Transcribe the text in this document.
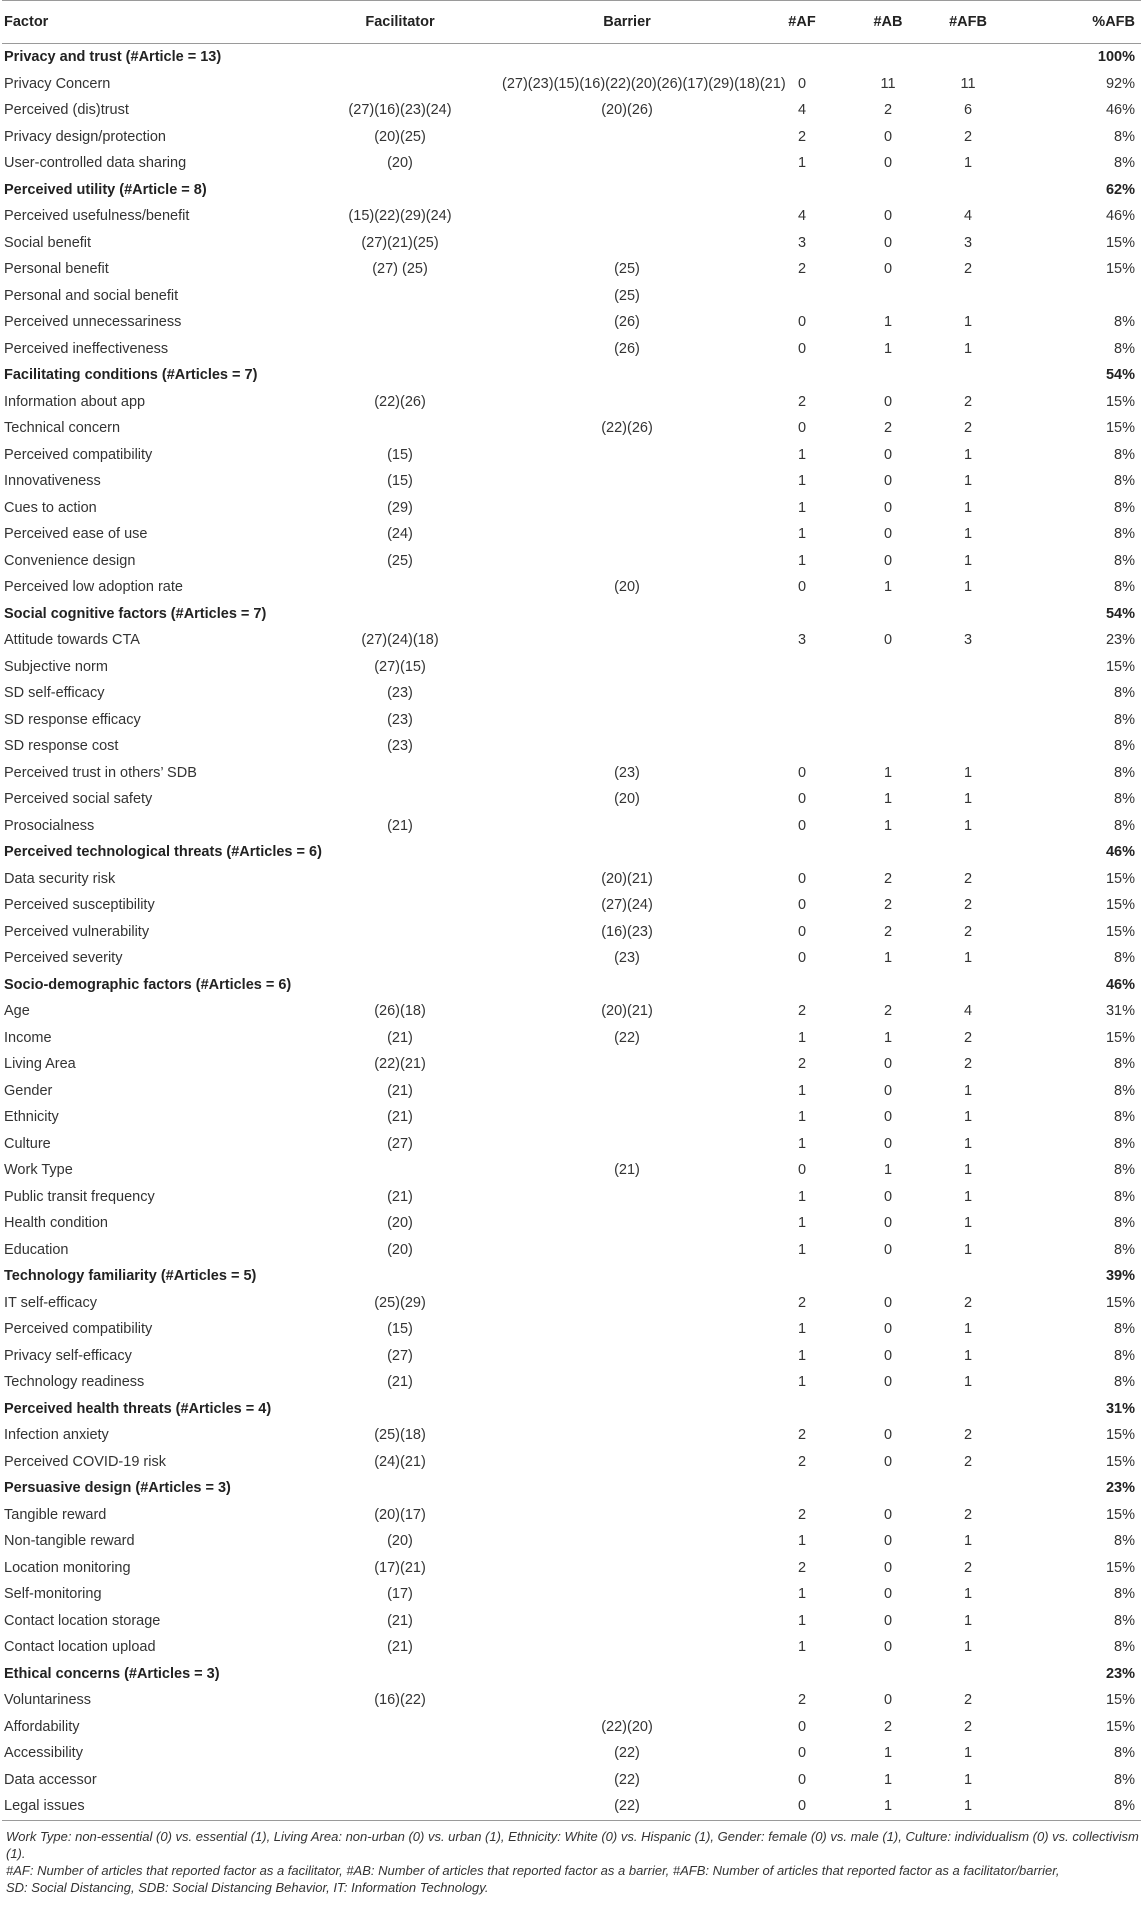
Factor	Facilitator	Barrier	#AF	#AB	#AFB	%AFB
Privacy and trust (#Article = 13)						100%
Privacy Concern		(27)(23)(15)(16)(22)(20)(26)(17)(29)(18)(21)	0	11	11	92%
Perceived (dis)trust	(27)(16)(23)(24)	(20)(26)	4	2	6	46%
Privacy design/protection	(20)(25)		2	0	2	8%
User-controlled data sharing	(20)		1	0	1	8%
Perceived utility (#Article = 8)						62%
Perceived usefulness/benefit	(15)(22)(29)(24)		4	0	4	46%
Social benefit	(27)(21)(25)		3	0	3	15%
Personal benefit	(27) (25)	(25)	2	0	2	15%
Personal and social benefit		(25)				
Perceived unnecessariness		(26)	0	1	1	8%
Perceived ineffectiveness		(26)	0	1	1	8%
Facilitating conditions (#Articles = 7)						54%
Information about app	(22)(26)		2	0	2	15%
Technical concern		(22)(26)	0	2	2	15%
Perceived compatibility	(15)		1	0	1	8%
Innovativeness	(15)		1	0	1	8%
Cues to action	(29)		1	0	1	8%
Perceived ease of use	(24)		1	0	1	8%
Convenience design	(25)		1	0	1	8%
Perceived low adoption rate		(20)	0	1	1	8%
Social cognitive factors (#Articles = 7)						54%
Attitude towards CTA	(27)(24)(18)		3	0	3	23%
Subjective norm	(27)(15)					15%
SD self-efficacy	(23)					8%
SD response efficacy	(23)					8%
SD response cost	(23)					8%
Perceived trust in others’ SDB		(23)	0	1	1	8%
Perceived social safety		(20)	0	1	1	8%
Prosocialness	(21)		0	1	1	8%
Perceived technological threats (#Articles = 6)						46%
Data security risk		(20)(21)	0	2	2	15%
Perceived susceptibility		(27)(24)	0	2	2	15%
Perceived vulnerability		(16)(23)	0	2	2	15%
Perceived severity		(23)	0	1	1	8%
Socio-demographic factors (#Articles = 6)						46%
Age	(26)(18)	(20)(21)	2	2	4	31%
Income	(21)	(22)	1	1	2	15%
Living Area	(22)(21)		2	0	2	8%
Gender	(21)		1	0	1	8%
Ethnicity	(21)		1	0	1	8%
Culture	(27)		1	0	1	8%
Work Type		(21)	0	1	1	8%
Public transit frequency	(21)		1	0	1	8%
Health condition	(20)		1	0	1	8%
Education	(20)		1	0	1	8%
Technology familiarity (#Articles = 5)						39%
IT self-efficacy	(25)(29)		2	0	2	15%
Perceived compatibility	(15)		1	0	1	8%
Privacy self-efficacy	(27)		1	0	1	8%
Technology readiness	(21)		1	0	1	8%
Perceived health threats (#Articles = 4)						31%
Infection anxiety	(25)(18)		2	0	2	15%
Perceived COVID-19 risk	(24)(21)		2	0	2	15%
Persuasive design (#Articles = 3)						23%
Tangible reward	(20)(17)		2	0	2	15%
Non-tangible reward	(20)		1	0	1	8%
Location monitoring	(17)(21)		2	0	2	15%
Self-monitoring	(17)		1	0	1	8%
Contact location storage	(21)		1	0	1	8%
Contact location upload	(21)		1	0	1	8%
Ethical concerns (#Articles = 3)						23%
Voluntariness	(16)(22)		2	0	2	15%
Affordability		(22)(20)	0	2	2	15%
Accessibility		(22)	0	1	1	8%
Data accessor		(22)	0	1	1	8%
Legal issues		(22)	0	1	1	8%

Work Type: non-essential (0) vs. essential (1), Living Area: non-urban (0) vs. urban (1), Ethnicity: White (0) vs. Hispanic (1), Gender: female (0) vs. male (1), Culture: individualism (0) vs. collectivism (1).

#AF: Number of articles that reported factor as a facilitator, #AB: Number of articles that reported factor as a barrier, #AFB: Number of articles that reported factor as a facilitator/barrier,

SD: Social Distancing, SDB: Social Distancing Behavior, IT: Information Technology.
